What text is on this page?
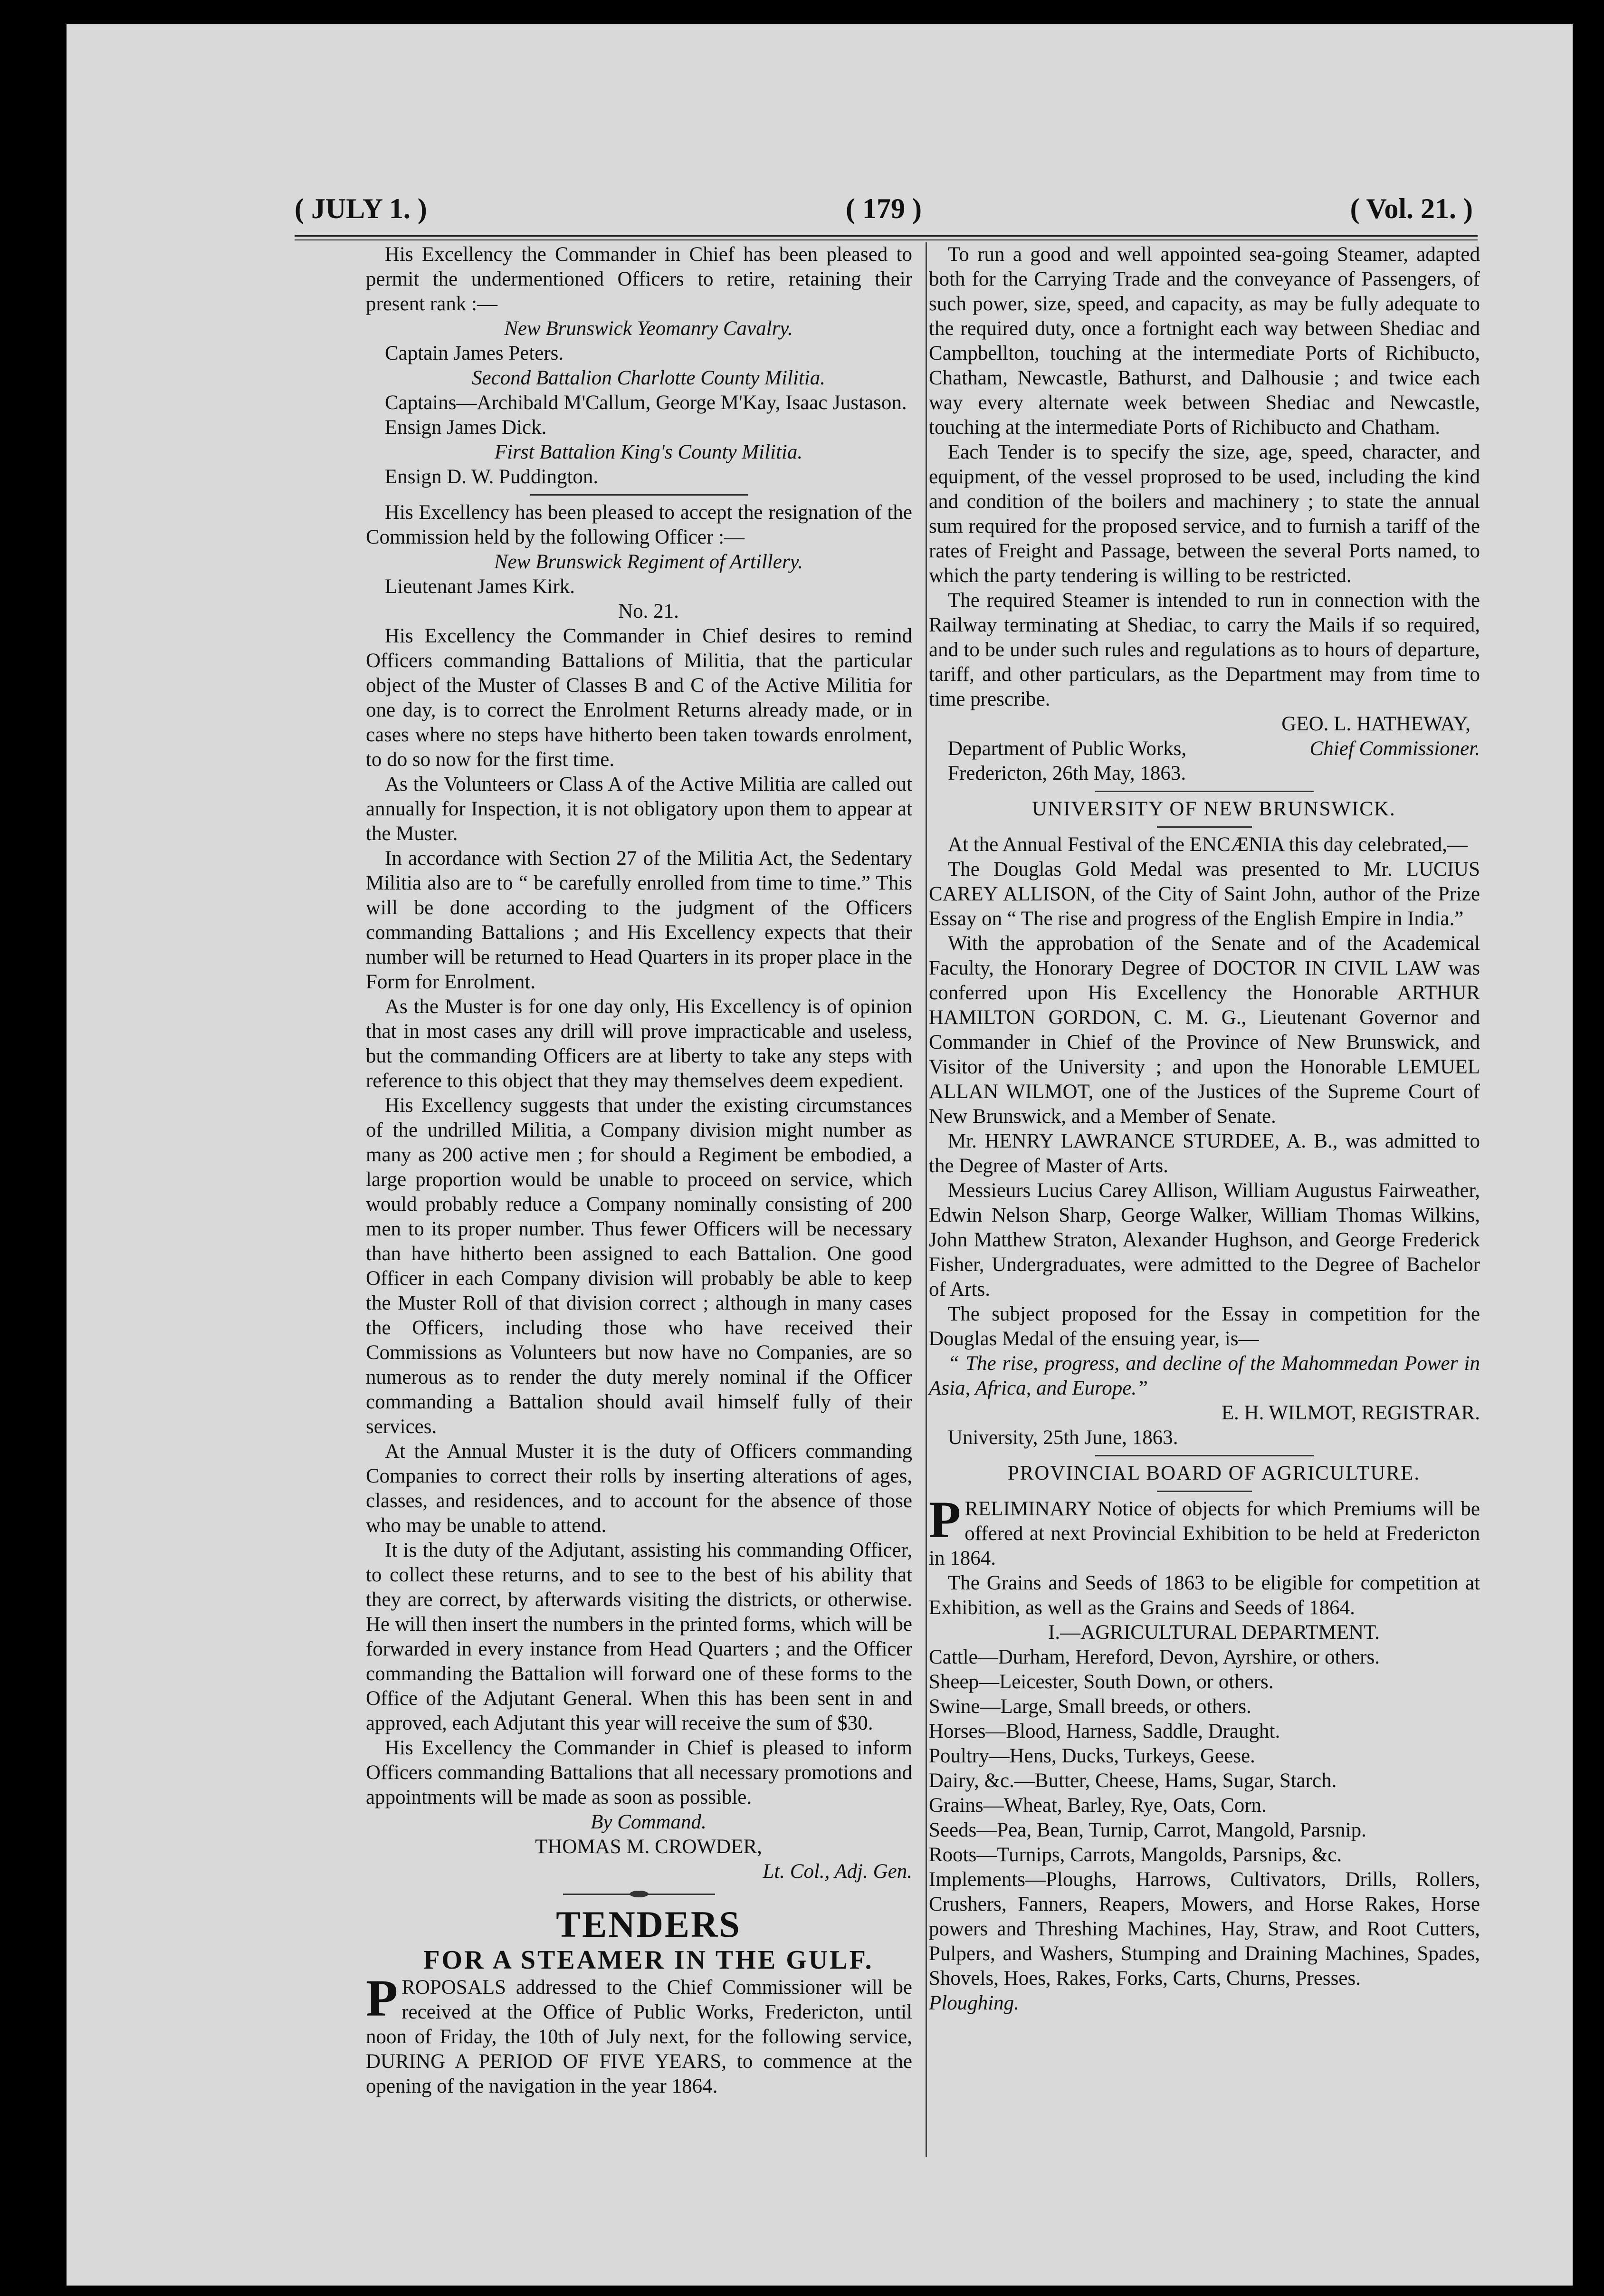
( JULY 1. )	( 179 )	( Vol. 21. )

His Excellency the Commander in Chief has been pleased to permit the undermentioned Officers to retire, retaining their present rank :—

New Brunswick Yeomanry Cavalry.

Captain James Peters.

Second Battalion Charlotte County Militia.

Captains—Archibald M'Callum, George M'Kay, Isaac Justason.

Ensign James Dick.

First Battalion King's County Militia.

Ensign D. W. Puddington.

His Excellency has been pleased to accept the resignation of the Commission held by the following Officer :—

New Brunswick Regiment of Artillery.

Lieutenant James Kirk.

No. 21.

His Excellency the Commander in Chief desires to remind Officers commanding Battalions of Militia, that the particular object of the Muster of Classes B and C of the Active Militia for one day, is to correct the Enrolment Returns already made, or in cases where no steps have hitherto been taken towards enrolment, to do so now for the first time.

As the Volunteers or Class A of the Active Militia are called out annually for Inspection, it is not obligatory upon them to appear at the Muster.

In accordance with Section 27 of the Militia Act, the Sedentary Militia also are to “ be carefully enrolled from time to time.” This will be done according to the judgment of the Officers commanding Battalions ; and His Excellency expects that their number will be returned to Head Quarters in its proper place in the Form for Enrolment.

As the Muster is for one day only, His Excellency is of opinion that in most cases any drill will prove impracticable and useless, but the commanding Officers are at liberty to take any steps with reference to this object that they may themselves deem expedient.

His Excellency suggests that under the existing circumstances of the undrilled Militia, a Company division might number as many as 200 active men ; for should a Regiment be embodied, a large proportion would be unable to proceed on service, which would probably reduce a Company nominally consisting of 200 men to its proper number. Thus fewer Officers will be necessary than have hitherto been assigned to each Battalion. One good Officer in each Company division will probably be able to keep the Muster Roll of that division correct ; although in many cases the Officers, including those who have received their Commissions as Volunteers but now have no Companies, are so numerous as to render the duty merely nominal if the Officer commanding a Battalion should avail himself fully of their services.

At the Annual Muster it is the duty of Officers commanding Companies to correct their rolls by inserting alterations of ages, classes, and residences, and to account for the absence of those who may be unable to attend.

It is the duty of the Adjutant, assisting his commanding Officer, to collect these returns, and to see to the best of his ability that they are correct, by afterwards visiting the districts, or otherwise. He will then insert the numbers in the printed forms, which will be forwarded in every instance from Head Quarters ; and the Officer commanding the Battalion will forward one of these forms to the Office of the Adjutant General. When this has been sent in and approved, each Adjutant this year will receive the sum of $30.

His Excellency the Commander in Chief is pleased to inform Officers commanding Battalions that all necessary promotions and appointments will be made as soon as possible.

By Command.

THOMAS M. CROWDER,

Lt. Col., Adj. Gen.

TENDERS

FOR A STEAMER IN THE GULF.

PROPOSALS addressed to the Chief Commissioner will be received at the Office of Public Works, Fredericton, until noon of Friday, the 10th of July next, for the following service, DURING A PERIOD OF FIVE YEARS, to commence at the opening of the navigation in the year 1864.

To run a good and well appointed sea-going Steamer, adapted both for the Carrying Trade and the conveyance of Passengers, of such power, size, speed, and capacity, as may be fully adequate to the required duty, once a fortnight each way between Shediac and Campbellton, touching at the intermediate Ports of Richibucto, Chatham, Newcastle, Bathurst, and Dalhousie ; and twice each way every alternate week between Shediac and Newcastle, touching at the intermediate Ports of Richibucto and Chatham.

Each Tender is to specify the size, age, speed, character, and equipment, of the vessel proprosed to be used, including the kind and condition of the boilers and machinery ; to state the annual sum required for the proposed service, and to furnish a tariff of the rates of Freight and Passage, between the several Ports named, to which the party tendering is willing to be restricted.

The required Steamer is intended to run in connection with the Railway terminating at Shediac, to carry the Mails if so required, and to be under such rules and regulations as to hours of departure, tariff, and other particulars, as the Department may from time to time prescribe.

GEO. L. HATHEWAY,

Department of Public Works,	Chief Commissioner.

Fredericton, 26th May, 1863.

UNIVERSITY OF NEW BRUNSWICK.

At the Annual Festival of the ENCÆNIA this day celebrated,—

The Douglas Gold Medal was presented to Mr. LUCIUS CAREY ALLISON, of the City of Saint John, author of the Prize Essay on “ The rise and progress of the English Empire in India.”

With the approbation of the Senate and of the Academical Faculty, the Honorary Degree of DOCTOR IN CIVIL LAW was conferred upon His Excellency the Honorable ARTHUR HAMILTON GORDON, C. M. G., Lieutenant Governor and Commander in Chief of the Province of New Brunswick, and Visitor of the University ; and upon the Honorable LEMUEL ALLAN WILMOT, one of the Justices of the Supreme Court of New Brunswick, and a Member of Senate.

Mr. HENRY LAWRANCE STURDEE, A. B., was admitted to the Degree of Master of Arts.

Messieurs Lucius Carey Allison, William Augustus Fairweather, Edwin Nelson Sharp, George Walker, William Thomas Wilkins, John Matthew Straton, Alexander Hughson, and George Frederick Fisher, Undergraduates, were admitted to the Degree of Bachelor of Arts.

The subject proposed for the Essay in competition for the Douglas Medal of the ensuing year, is—

“ The rise, progress, and decline of the Mahommedan Power in Asia, Africa, and Europe.”

E. H. WILMOT, REGISTRAR.

University, 25th June, 1863.

PROVINCIAL BOARD OF AGRICULTURE.

PRELIMINARY Notice of objects for which Premiums will be offered at next Provincial Exhibition to be held at Fredericton in 1864.

The Grains and Seeds of 1863 to be eligible for competition at Exhibition, as well as the Grains and Seeds of 1864.

I.—AGRICULTURAL DEPARTMENT.

Cattle—Durham, Hereford, Devon, Ayrshire, or others.

Sheep—Leicester, South Down, or others.

Swine—Large, Small breeds, or others.

Horses—Blood, Harness, Saddle, Draught.

Poultry—Hens, Ducks, Turkeys, Geese.

Dairy, &c.—Butter, Cheese, Hams, Sugar, Starch.

Grains—Wheat, Barley, Rye, Oats, Corn.

Seeds—Pea, Bean, Turnip, Carrot, Mangold, Parsnip.

Roots—Turnips, Carrots, Mangolds, Parsnips, &c.

Implements—Ploughs, Harrows, Cultivators, Drills, Rollers, Crushers, Fanners, Reapers, Mowers, and Horse Rakes, Horse powers and Threshing Machines, Hay, Straw, and Root Cutters, Pulpers, and Washers, Stumping and Draining Machines, Spades, Shovels, Hoes, Rakes, Forks, Carts, Churns, Presses.

Ploughing.
